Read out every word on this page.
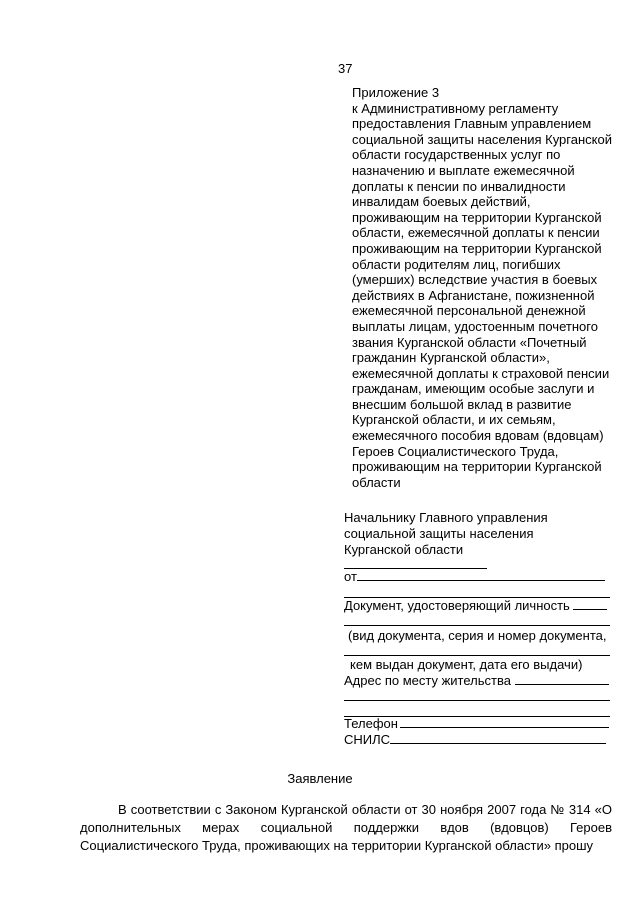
37
Приложение 3
к Административному регламенту предоставления Главным управлением социальной защиты населения Курганской области государственных услуг по назначению и выплате ежемесячной доплаты к пенсии по инвалидности инвалидам боевых действий, проживающим на территории Курганской области, ежемесячной доплаты к пенсии проживающим на территории Курганской области родителям лиц, погибших (умерших) вследствие участия в боевых действиях в Афганистане, пожизненной ежемесячной персональной денежной выплаты лицам, удостоенным почетного звания Курганской области «Почетный гражданин Курганской области», ежемесячной доплаты к страховой пенсии гражданам, имеющим особые заслуги и внесшим большой вклад в развитие Курганской области, и их семьям, ежемесячного пособия вдовам (вдовцам) Героев Социалистического Труда, проживающим на территории Курганской области
Начальнику Главного управления
социальной защиты населения
Курганской области
от
Документ, удостоверяющий личность
(вид документа, серия и номер документа,
кем выдан документ, дата его выдачи)
Адрес по месту жительства
Телефон
СНИЛС
Заявление
В соответствии с Законом Курганской области от 30 ноября 2007 года № 314 «О дополнительных мерах социальной поддержки вдов (вдовцов) Героев Социалистического Труда, проживающих на территории Курганской области» прошу
